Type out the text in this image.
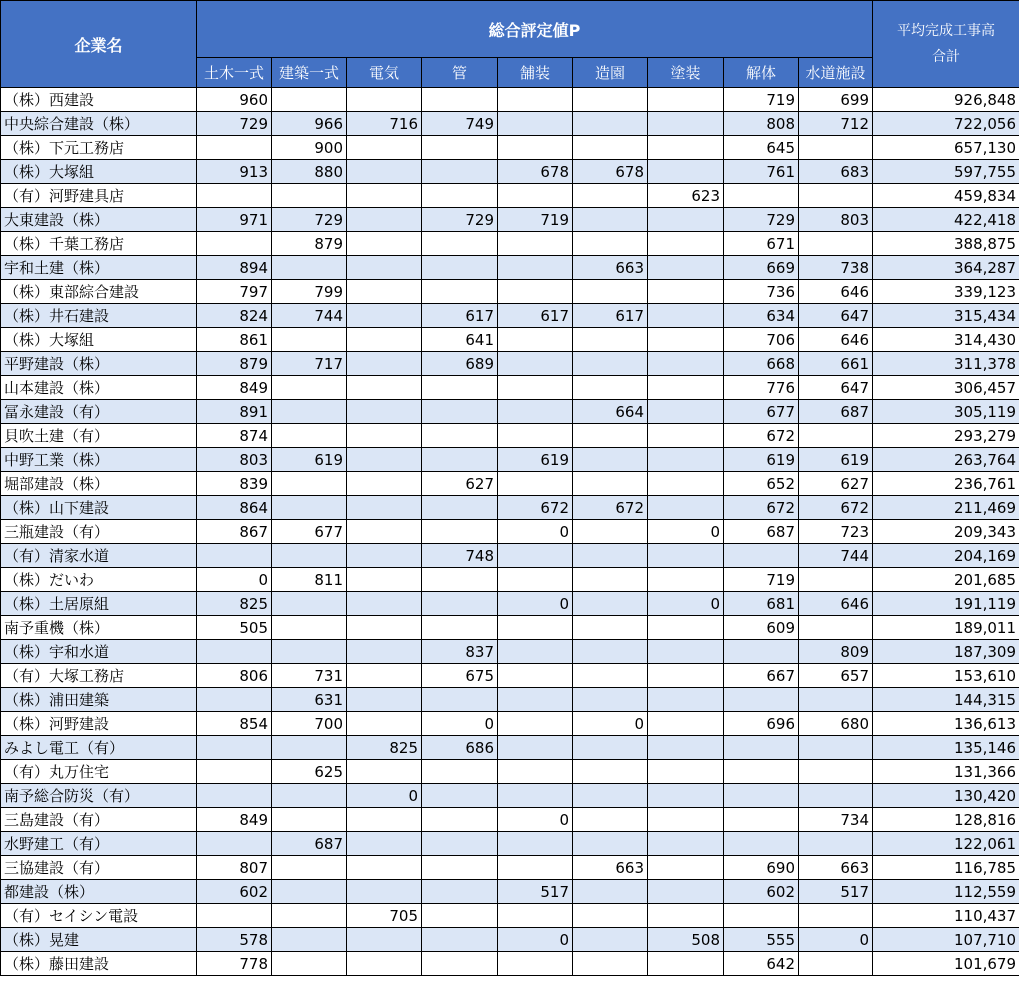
企業名	総合評定値P									平均完成工事高
合計

	土木一式	建築一式	電気	管	舗装	造園	塗装	解体	水道施設	
（株）西建設	960							719	699	926,848
中央綜合建設（株）	729	966	716	749				808	712	722,056
（株）下元工務店		900						645		657,130
（株）大塚組	913	880			678	678		761	683	597,755
（有）河野建具店							623			459,834
大東建設（株）	971	729		729	719			729	803	422,418
（株）千葉工務店		879						671		388,875
宇和土建（株）	894					663		669	738	364,287
（株）東部綜合建設	797	799						736	646	339,123
（株）井石建設	824	744		617	617	617		634	647	315,434
（株）大塚組	861			641				706	646	314,430
平野建設（株）	879	717		689				668	661	311,378
山本建設（株）	849							776	647	306,457
冨永建設（有）	891					664		677	687	305,119
貝吹土建（有）	874							672		293,279
中野工業（株）	803	619			619			619	619	263,764
堀部建設（株）	839			627				652	627	236,761
（株）山下建設	864				672	672		672	672	211,469
三瓶建設（有）	867	677			0		0	687	723	209,343
（有）清家水道				748					744	204,169
（株）だいわ	0	811						719		201,685
（株）土居原組	825				0		0	681	646	191,119
南予重機（株）	505							609		189,011
（株）宇和水道				837					809	187,309
（有）大塚工務店	806	731		675				667	657	153,610
（株）浦田建築		631								144,315
（株）河野建設	854	700		0		0		696	680	136,613
みよし電工（有）			825	686						135,146
（有）丸万住宅		625								131,366
南予総合防災（有）			0							130,420
三島建設（有）	849				0				734	128,816
水野建工（有）		687								122,061
三協建設（有）	807					663		690	663	116,785
都建設（株）	602				517			602	517	112,559
（有）セイシン電設			705							110,437
（株）晃建	578				0		508	555	0	107,710
（株）藤田建設	778							642		101,679
